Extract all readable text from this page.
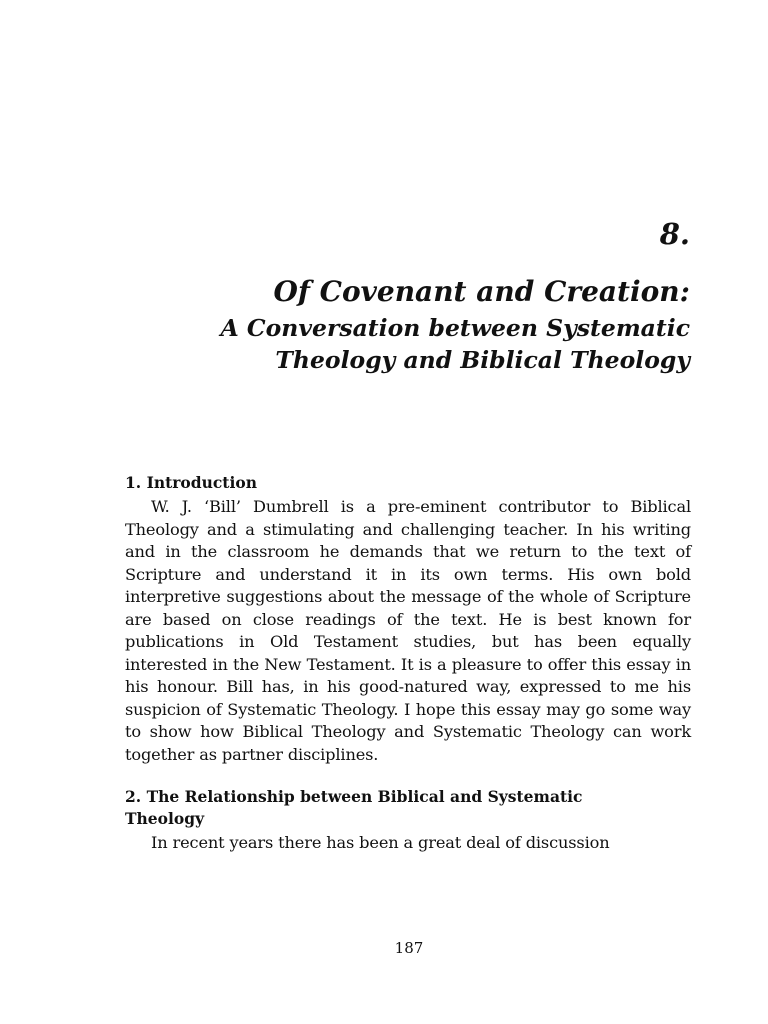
8.

Of Covenant and Creation:
A Conversation between Systematic
Theology and Biblical Theology
1. Introduction

W. J. ‘Bill’ Dumbrell is a pre-eminent contributor to Biblical Theology and a stimulating and challenging teacher. In his writing and in the classroom he demands that we return to the text of Scripture and understand it in its own terms. His own bold interpretive suggestions about the message of the whole of Scripture are based on close readings of the text. He is best known for publications in Old Testament studies, but has been equally interested in the New Testament. It is a pleasure to offer this essay in his honour. Bill has, in his good-natured way, expressed to me his suspicion of Systematic Theology. I hope this essay may go some way to show how Biblical Theology and Systematic Theology can work together as partner disciplines.

2. The Relationship between Biblical and Systematic
Theology

In recent years there has been a great deal of discussion

187
